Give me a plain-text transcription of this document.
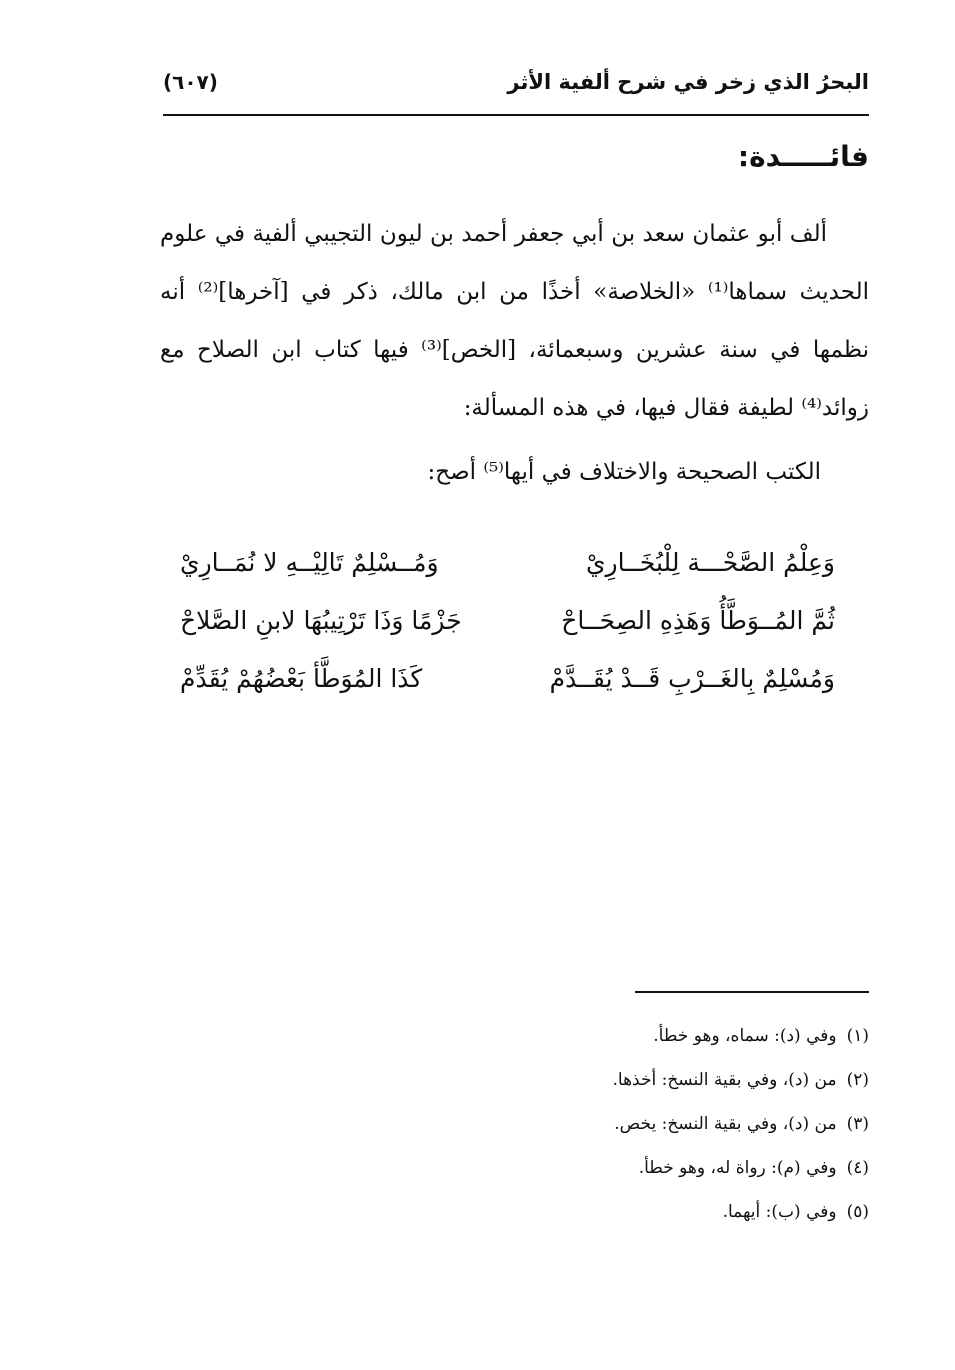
البحرُ الذي زخر في شرح ألفية الأثر
(٦٠٧)
فائـــــدة:

ألف أبو عثمان سعد بن أبي جعفر أحمد بن ليون التجيبي ألفية في علوم الحديث سماها⁽¹⁾ «الخلاصة» أخذًا من ابن مالك، ذكر في [آخرها]⁽²⁾ أنه نظمها في سنة عشرين وسبعمائة، [الخص]⁽³⁾ فيها كتاب ابن الصلاح مع زوائد⁽⁴⁾ لطيفة فقال فيها، في هذه المسألة:

الكتب الصحيحة والاختلاف في أيها⁽⁵⁾ أصح:
وَعِلْمُ الصَّحْـــة لِلْبُخَــارِيْ
وَمُــسْلِمٌ تَالِيْــهِ لا نُمَــارِيْ
ثُمَّ المُــوَطَّأُ وَهَذِهِ الصِحَــاحْ
جَزْمًا وَذَا تَرْتِيبُهَا لابنِ الصَّلاحْ
وَمُسْلِمٌ بِالغَــرْبِ قَــدْ يُقَــدَّمْ
كَذَا المُوَطَّأ بَعْضُهُمْ يُقَدِّمْ
(١)وفي (د): سماه، وهو خطأ.
(٢)من (د)، وفي بقية النسخ: أخذها.
(٣)من (د)، وفي بقية النسخ: يخص.
(٤)وفي (م): رواة له، وهو خطأ.
(٥)وفي (ب): أيهما.
